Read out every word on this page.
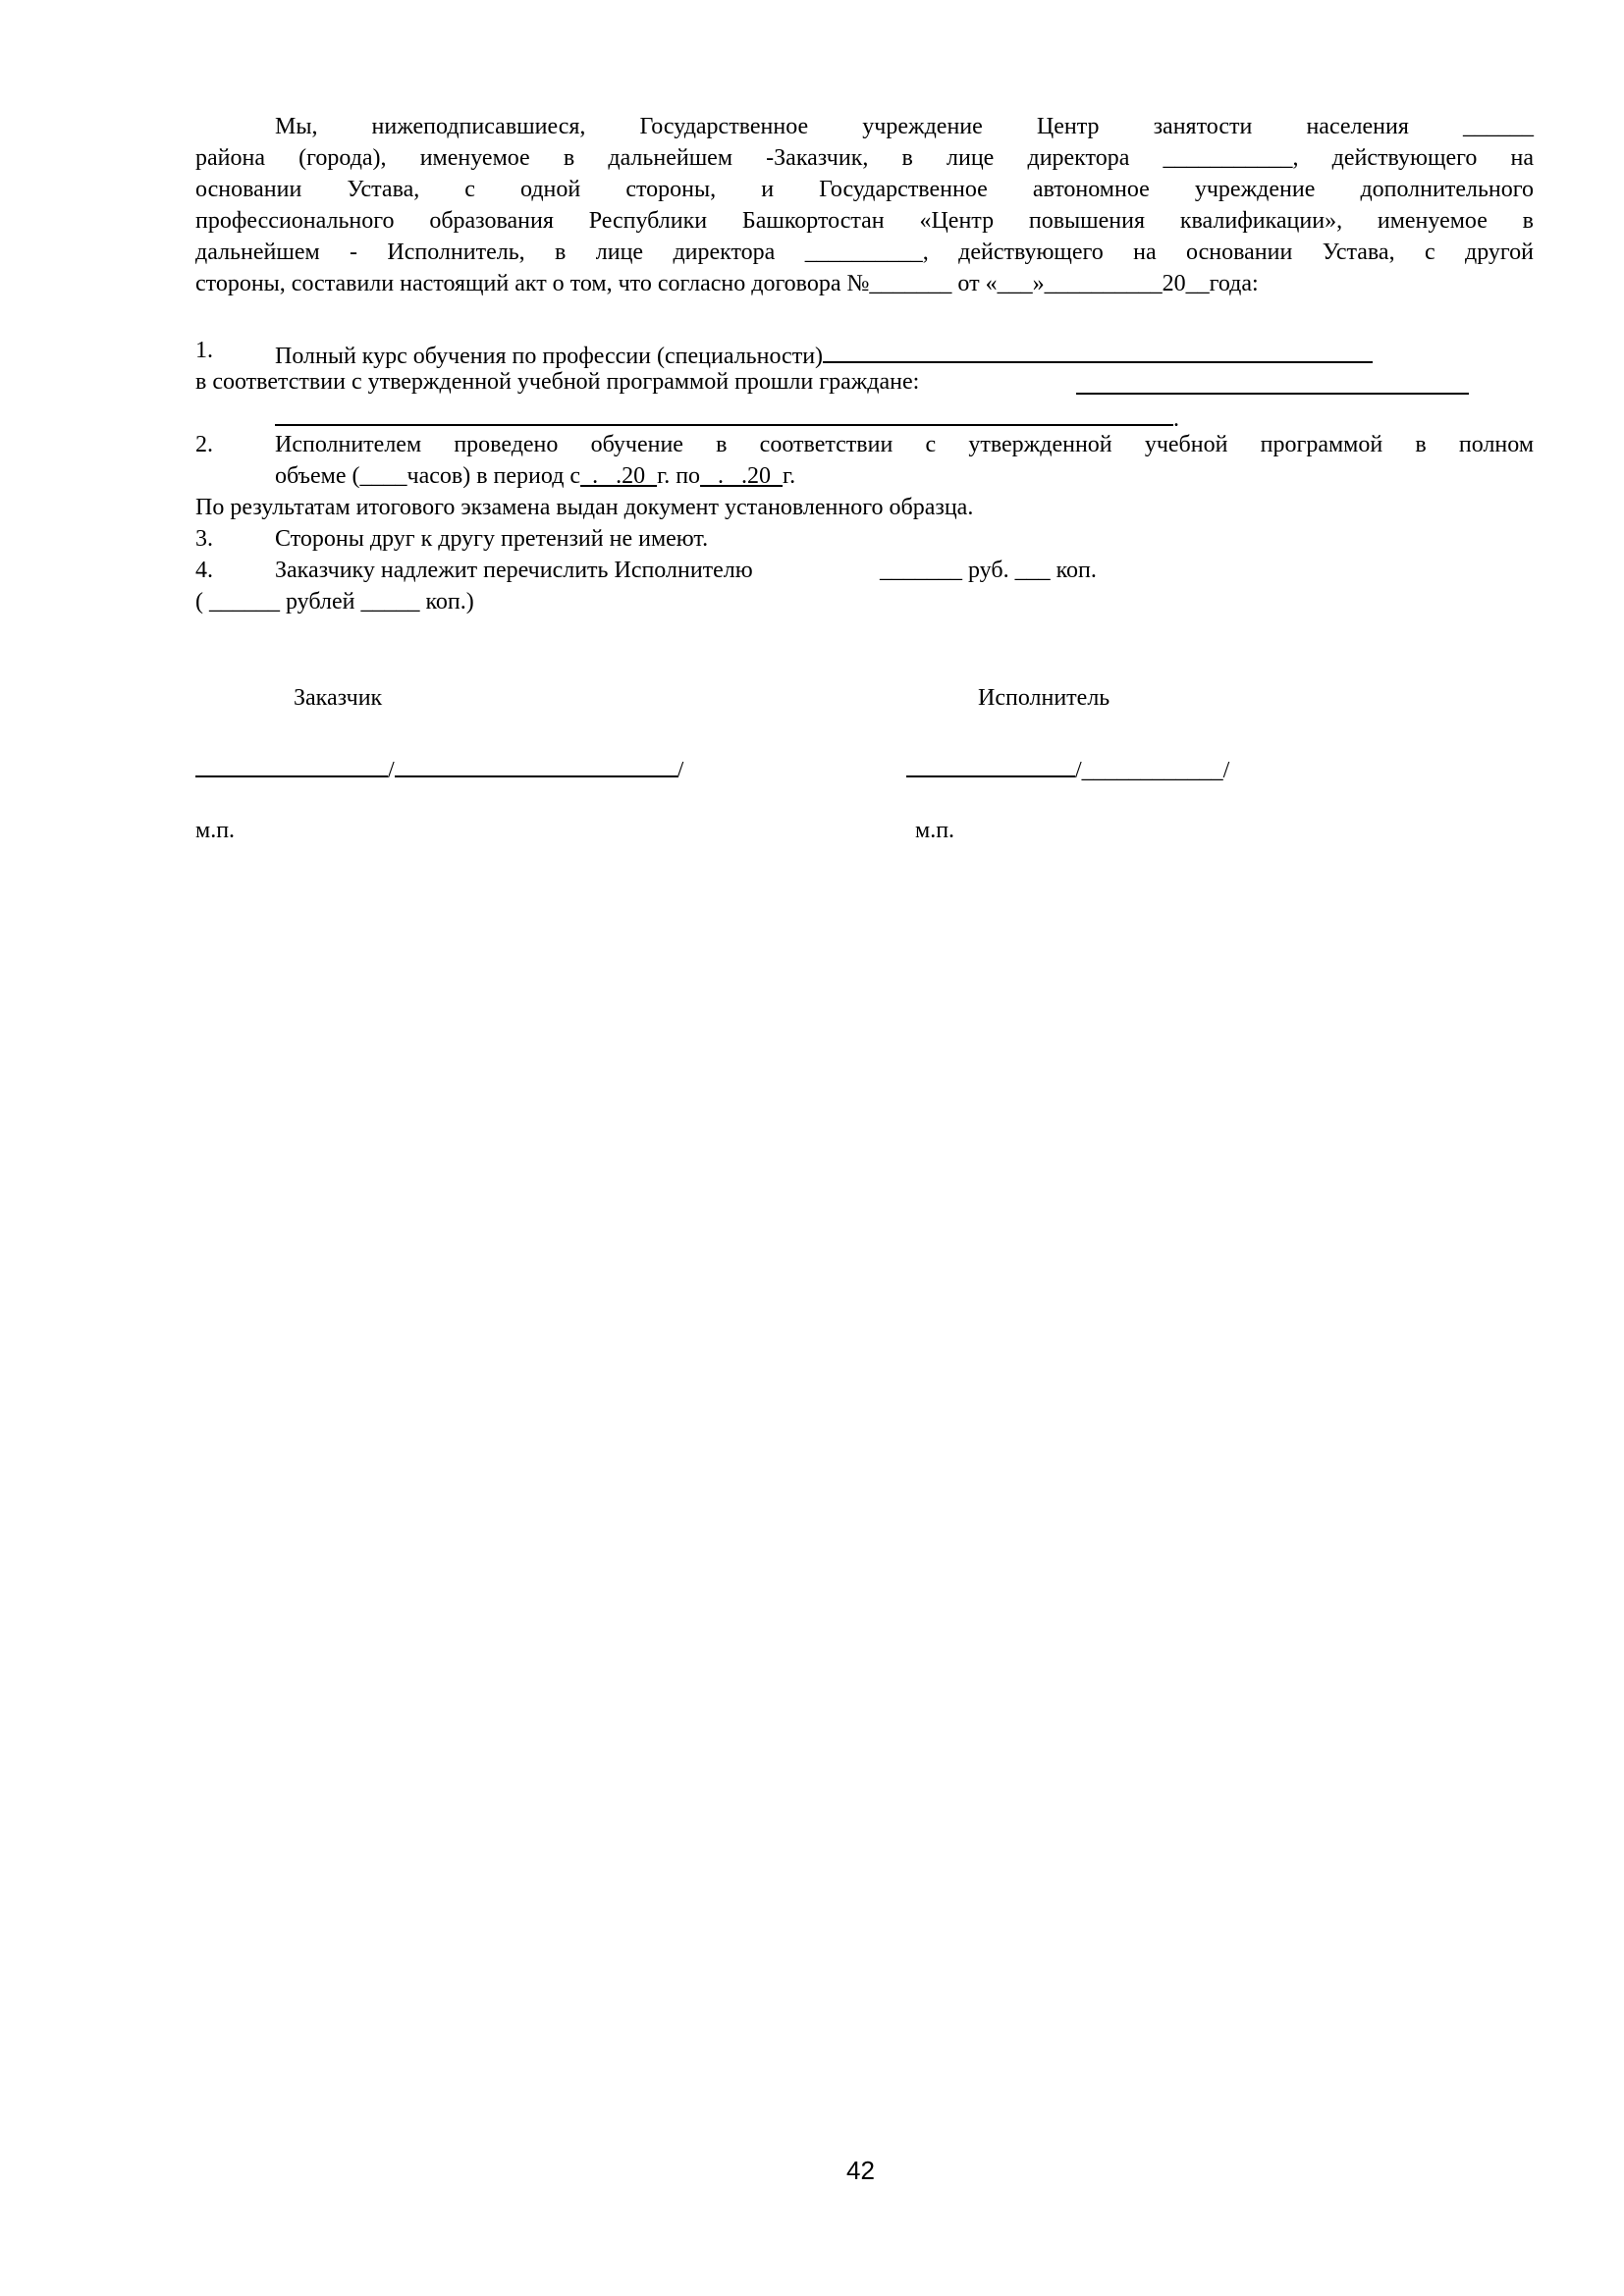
Мы, нижеподписавшиеся, Государственное учреждение Центр занятости населения ______
района (города), именуемое в дальнейшем -Заказчик, в лице директора ___________, действующего на
основании Устава, с одной стороны, и Государственное автономное учреждение дополнительного
профессионального образования Республики Башкортостан «Центр повышения квалификации», именуемое в
дальнейшем - Исполнитель, в лице директора __________, действующего на основании Устава, с другой
стороны, составили настоящий акт о том, что согласно договора №_______ от «___»__________20__года:
1.	Полный курс обучения по профессии (специальности)
в соответствии с утвержденной учебной программой прошли граждане:
.
2.	Исполнителем проведено обучение в соответствии с утвержденной учебной программой в полном
объеме (____часов) в период с  .   .20  г. по   .   .20  г.
По результатам итогового экзамена выдан документ установленного образца.
3.	Стороны друг к другу претензий не имеют.
4.	Заказчику надлежит перечислить Исполнителю	_______ руб. ___ коп.
( ______ рублей _____ коп.)
Заказчик	Исполнитель
/	/	/____________/
м.п.	м.п.
42
